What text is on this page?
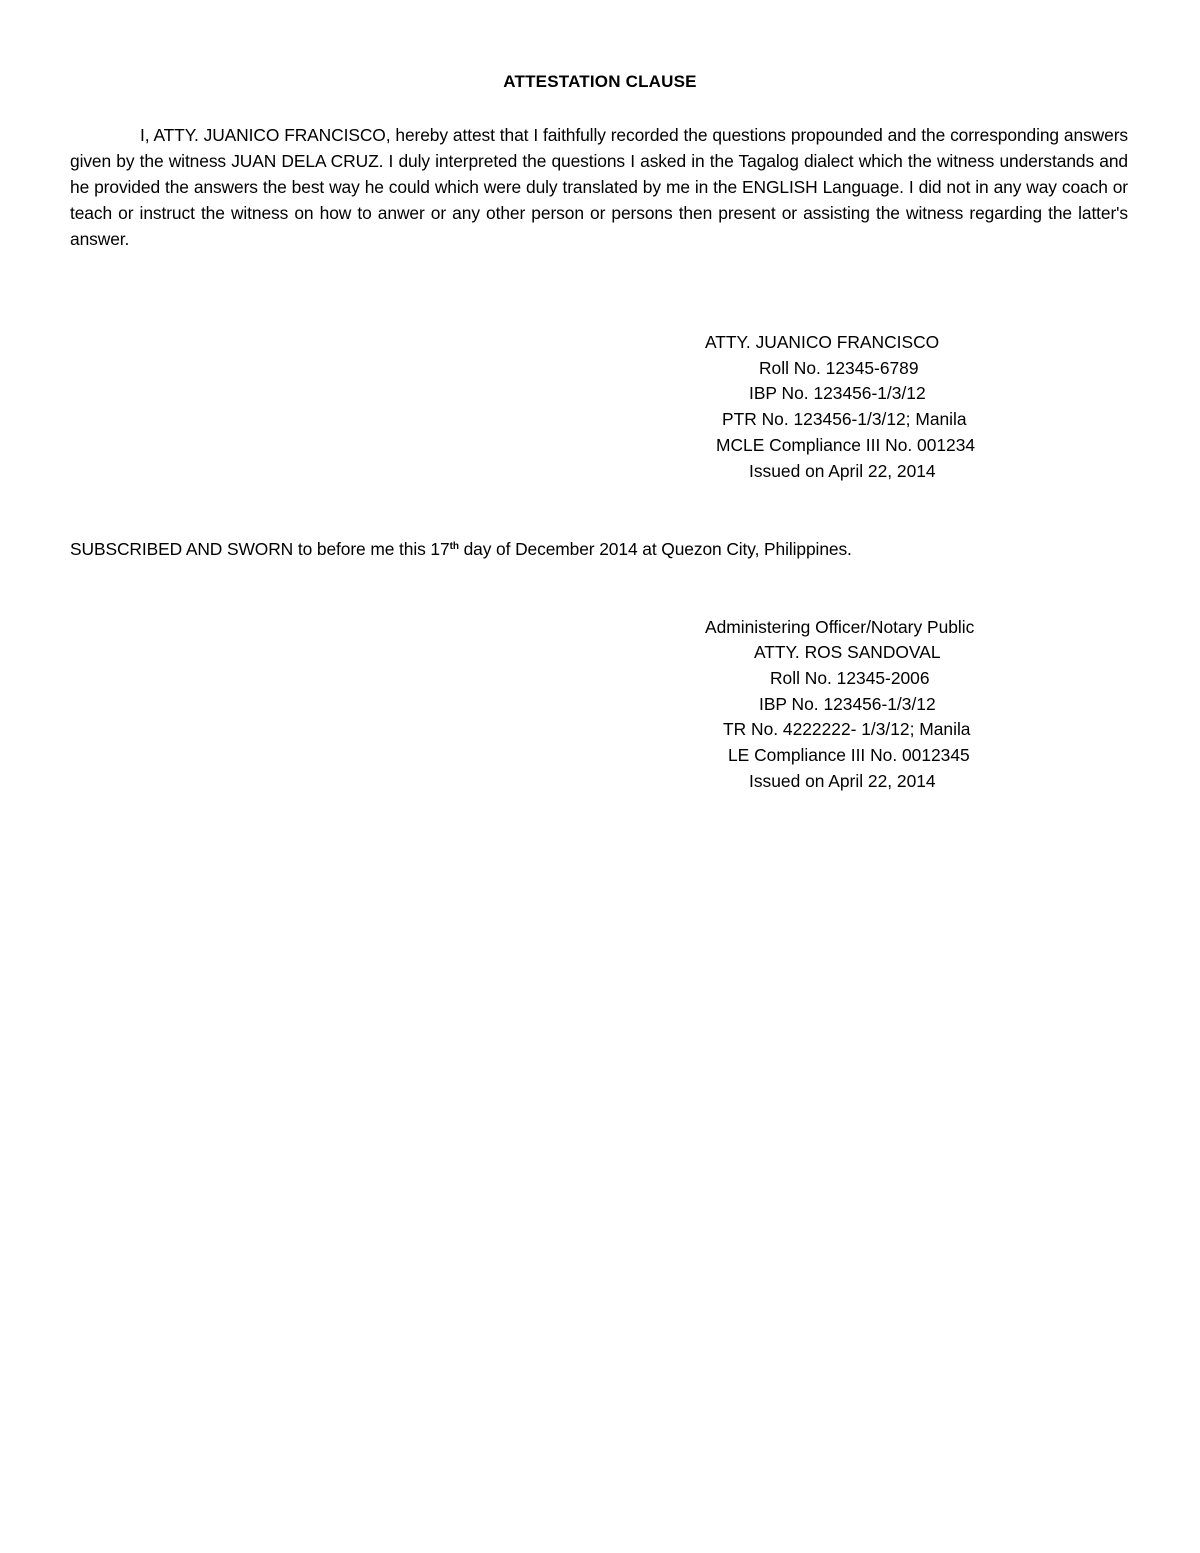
ATTESTATION CLAUSE

I, ATTY. JUANICO FRANCISCO, hereby attest that I faithfully recorded the questions propounded and the corresponding answers given by the witness JUAN DELA CRUZ. I duly interpreted the questions I asked in the Tagalog dialect which the witness understands and he provided the answers the best way he could which were duly translated by me in the ENGLISH Language. I did not in any way coach or teach or instruct the witness on how to anwer or any other person or persons then present or assisting the witness regarding the latter's answer.

ATTY. JUANICO FRANCISCO
Roll No. 12345-6789
IBP No. 123456-1/3/12
PTR No. 123456-1/3/12; Manila
MCLE Compliance III No. 001234
Issued on April 22, 2014
SUBSCRIBED AND SWORN to before me this 17th day of December 2014 at Quezon City, Philippines.
Administering Officer/Notary Public
ATTY. ROS SANDOVAL
Roll No. 12345-2006
IBP No. 123456-1/3/12
TR No. 4222222- 1/3/12; Manila
LE Compliance III No. 0012345
Issued on April 22, 2014
